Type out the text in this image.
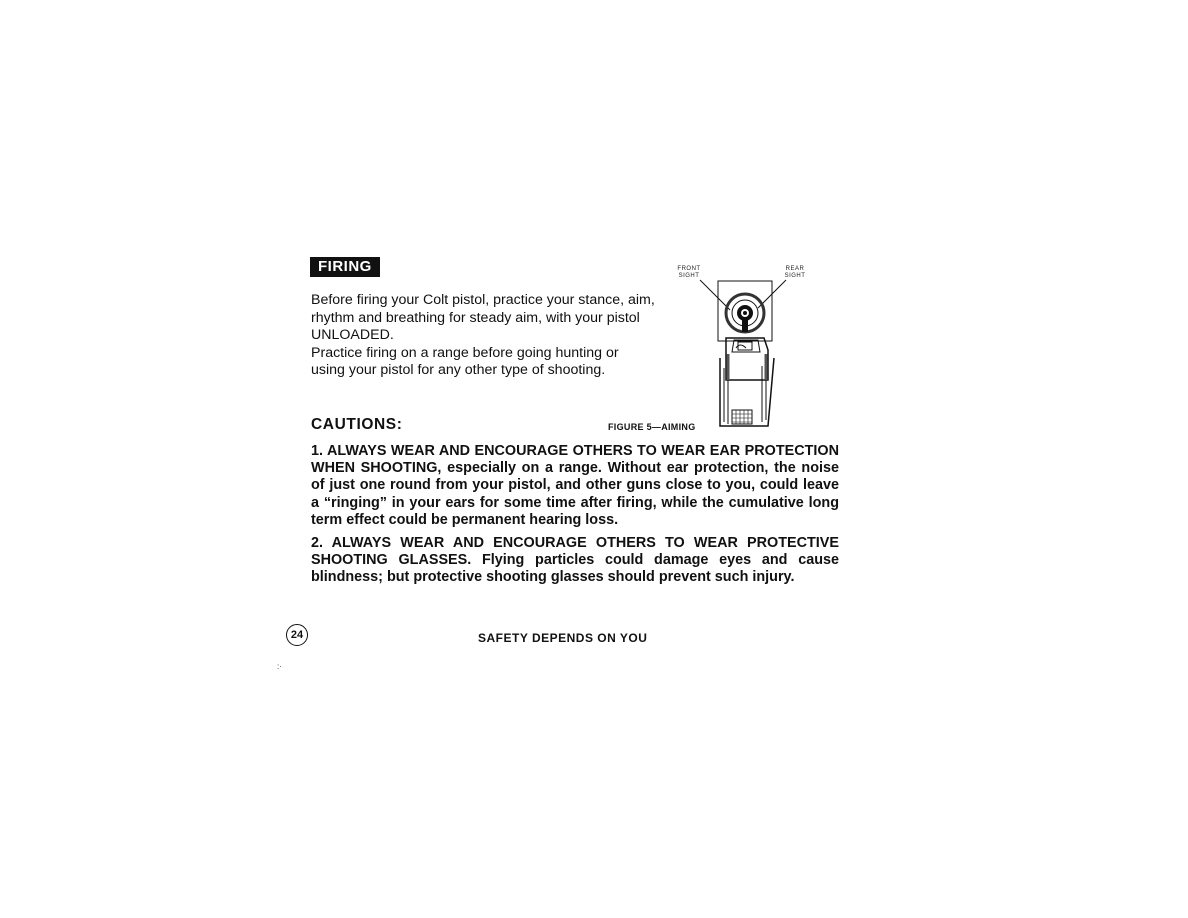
FIRING

Before firing your Colt pistol, practice your stance, aim, rhythm and breathing for steady aim, with your pistol UNLOADED.

Practice firing on a range before going hunting or using your pistol for any other type of shooting.

FRONT
SIGHT
REAR
SIGHT
CAUTIONS:	FIGURE 5—AIMING

1. ALWAYS WEAR AND ENCOURAGE OTHERS TO WEAR EAR PROTECTION WHEN SHOOTING, especially on a range. Without ear protection, the noise of just one round from your pistol, and other guns close to you, could leave a “ringing” in your ears for some time after firing, while the cumulative long term effect could be permanent hearing loss.

2. ALWAYS WEAR AND ENCOURAGE OTHERS TO WEAR PROTECTIVE SHOOTING GLASSES. Flying particles could damage eyes and cause blindness; but protective shooting glasses should prevent such injury.

24	SAFETY DEPENDS ON YOU
:·
